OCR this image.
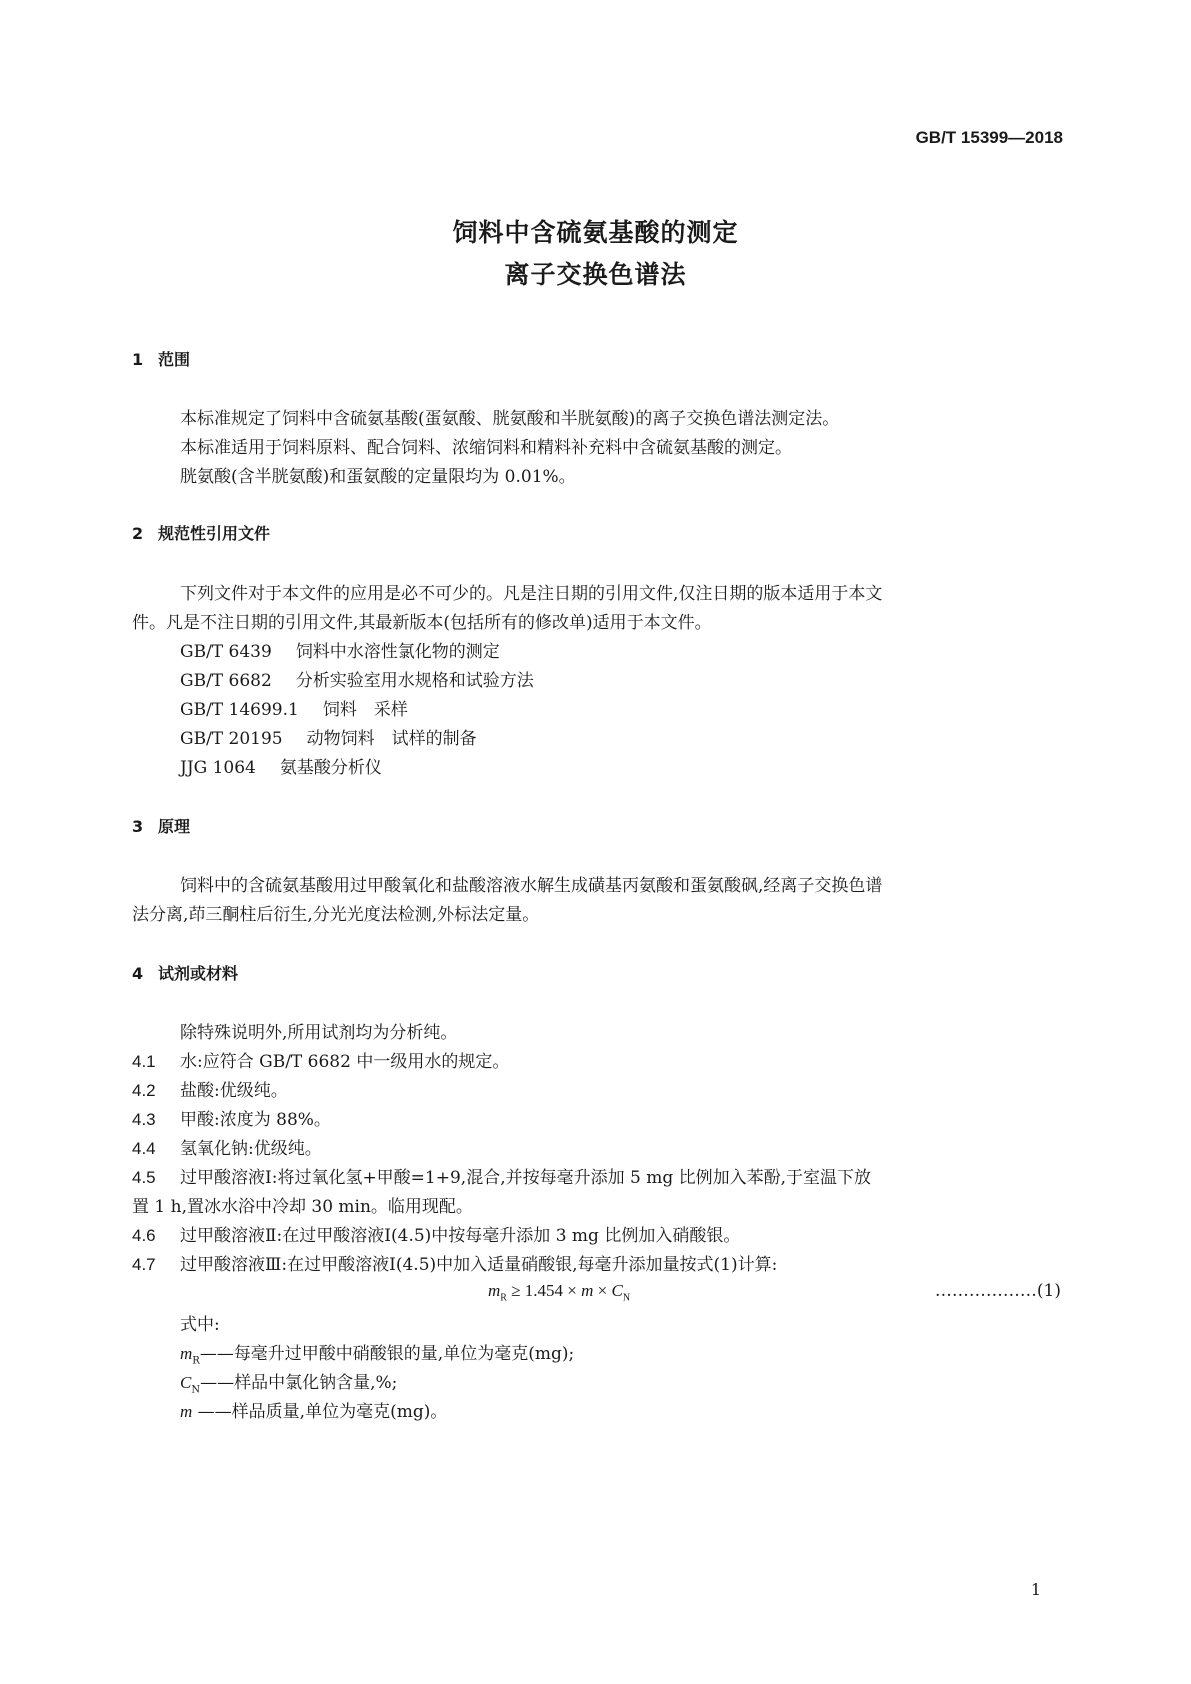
GB/T 15399—2018
饲料中含硫氨基酸的测定
离子交换色谱法
1 范围
本标准规定了饲料中含硫氨基酸(蛋氨酸、胱氨酸和半胱氨酸)的离子交换色谱法测定法。
本标准适用于饲料原料、配合饲料、浓缩饲料和精料补充料中含硫氨基酸的测定。
胱氨酸(含半胱氨酸)和蛋氨酸的定量限均为 0.01%。
2 规范性引用文件
下列文件对于本文件的应用是必不可少的。凡是注日期的引用文件,仅注日期的版本适用于本文
件。凡是不注日期的引用文件,其最新版本(包括所有的修改单)适用于本文件。
GB/T 6439 饲料中水溶性氯化物的测定
GB/T 6682 分析实验室用水规格和试验方法
GB/T 14699.1 饲料　采样
GB/T 20195 动物饲料　试样的制备
JJG 1064 氨基酸分析仪
3 原理
饲料中的含硫氨基酸用过甲酸氧化和盐酸溶液水解生成磺基丙氨酸和蛋氨酸砜,经离子交换色谱
法分离,茚三酮柱后衍生,分光光度法检测,外标法定量。
4 试剂或材料
除特殊说明外,所用试剂均为分析纯。
4.1 水:应符合 GB/T 6682 中一级用水的规定。
4.2 盐酸:优级纯。
4.3 甲酸:浓度为 88%。
4.4 氢氧化钠:优级纯。
4.5 过甲酸溶液Ⅰ:将过氧化氢+甲酸=1+9,混合,并按每毫升添加 5 mg 比例加入苯酚,于室温下放
置 1 h,置冰水浴中冷却 30 min。临用现配。
4.6 过甲酸溶液Ⅱ:在过甲酸溶液Ⅰ(4.5)中按每毫升添加 3 mg 比例加入硝酸银。
4.7 过甲酸溶液Ⅲ:在过甲酸溶液Ⅰ(4.5)中加入适量硝酸银,每毫升添加量按式(1)计算:
$m_R \ge 1.454 \times m \times C_N$	………………(1)
式中:
$m_R——$每毫升过甲酸中硝酸银的量,单位为毫克(mg);
$C_N——$样品中氯化钠含量,%;
m ——样品质量,单位为毫克(mg)。
1
